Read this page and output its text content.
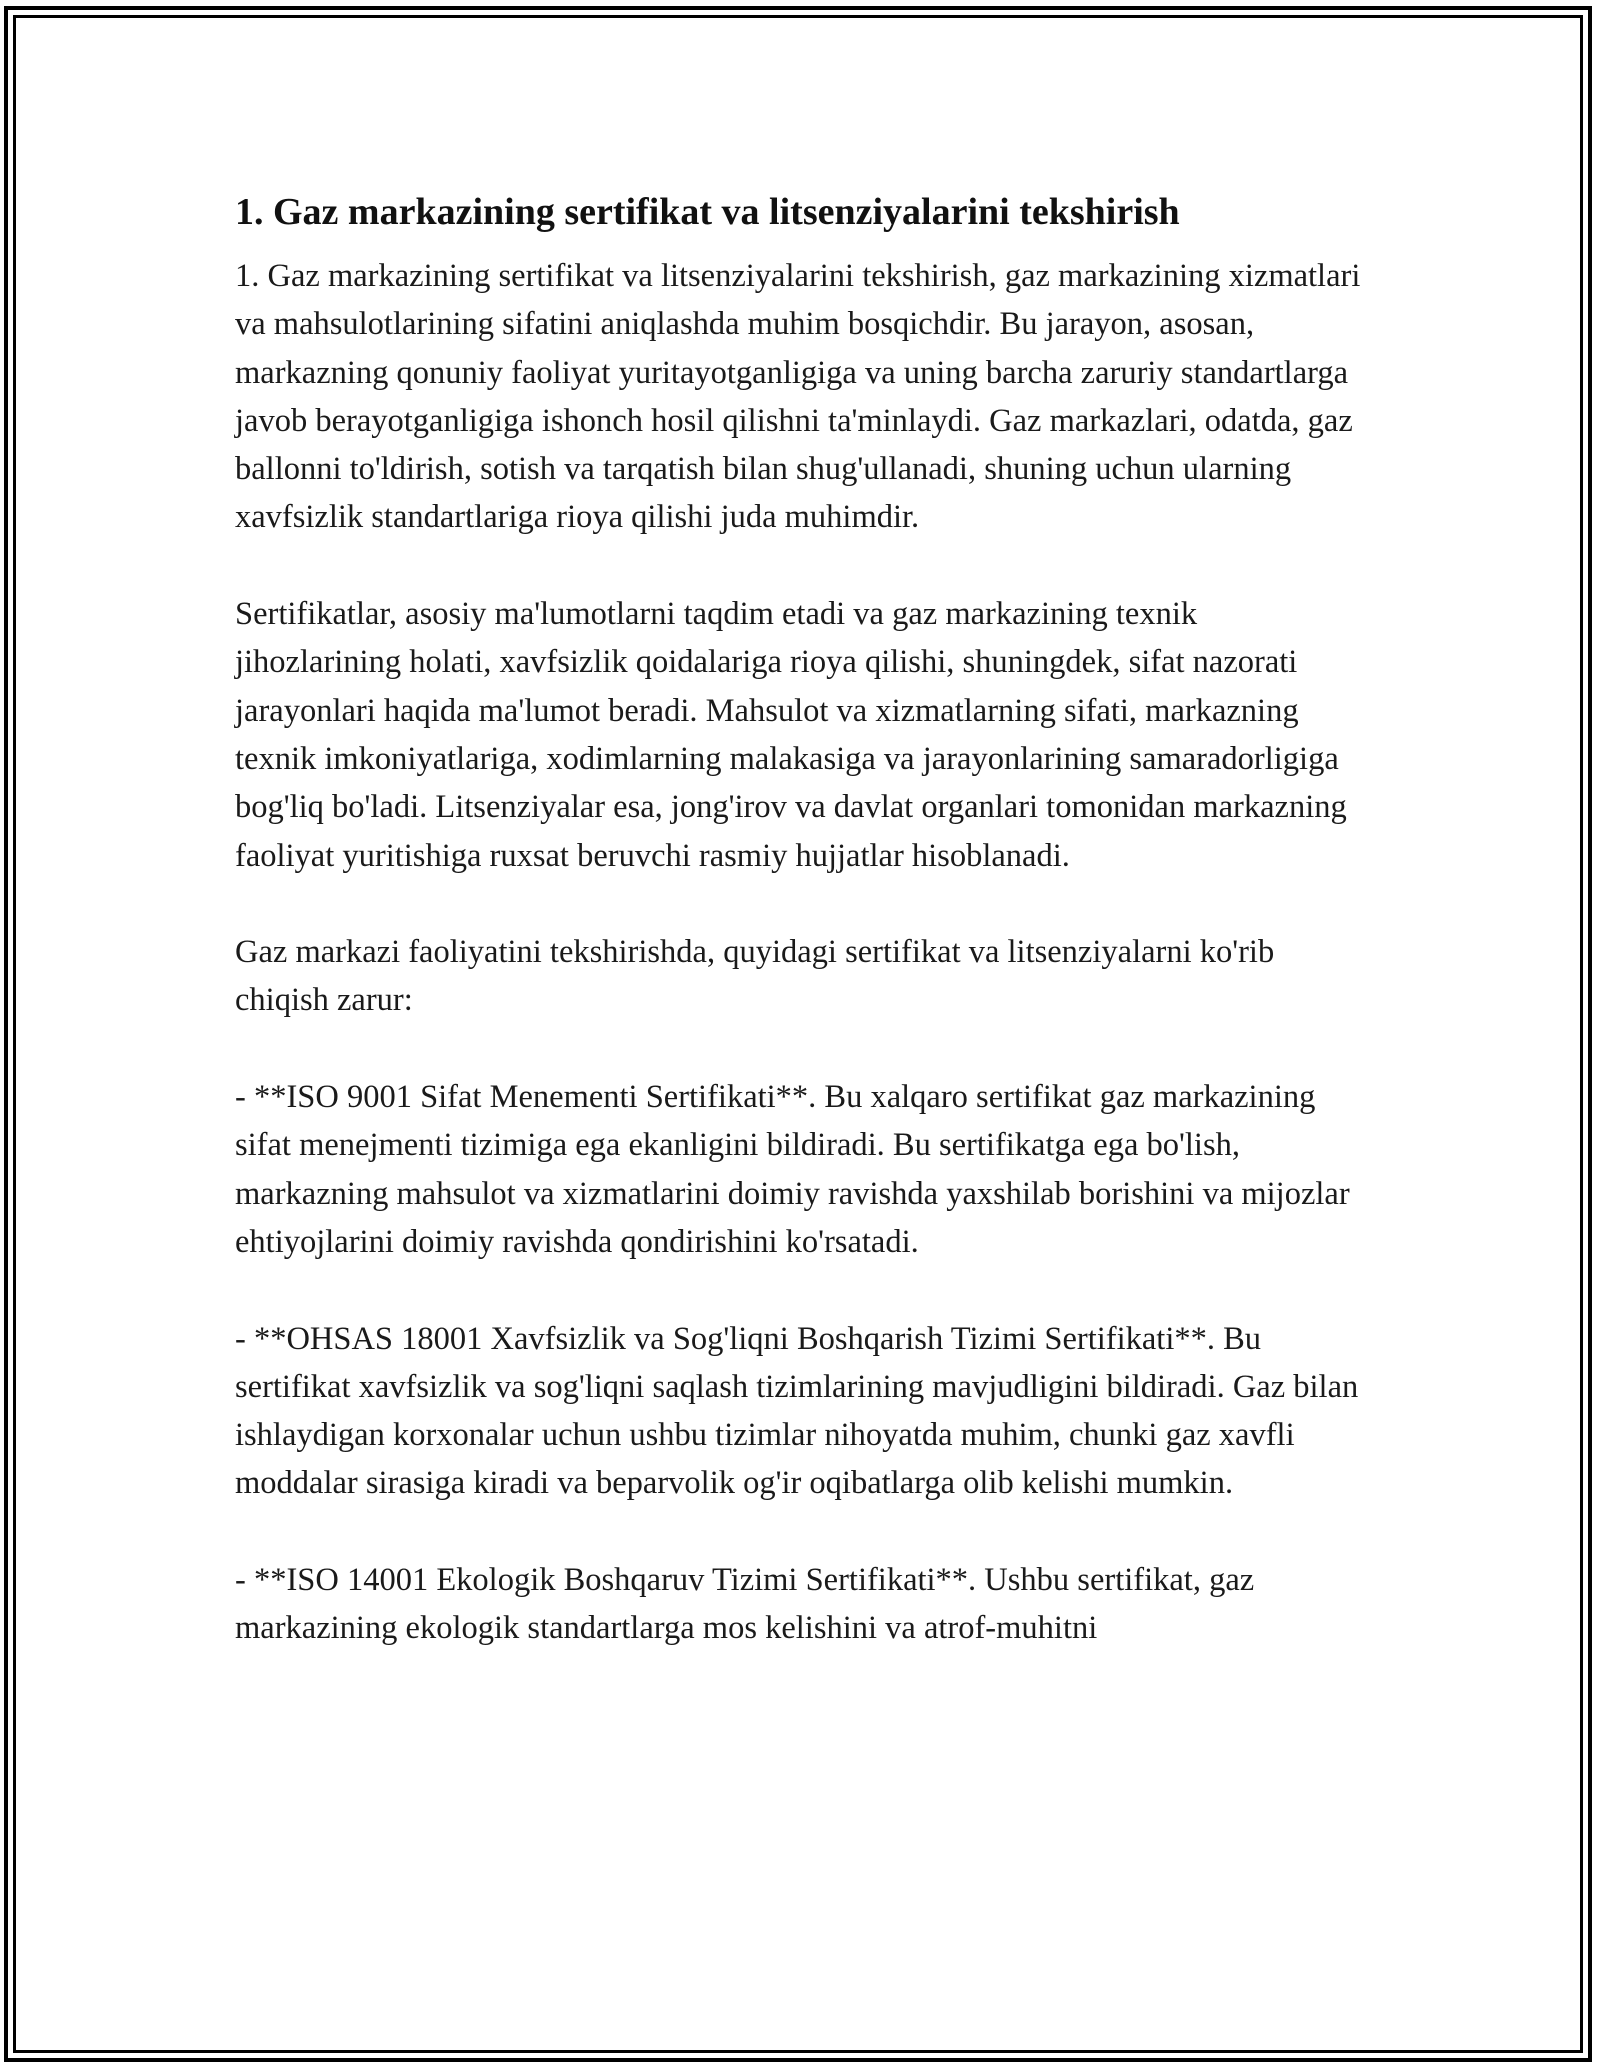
1. Gaz markazining sertifikat va litsenziyalarini tekshirish

1. Gaz markazining sertifikat va litsenziyalarini tekshirish, gaz markazining xizmatlari va mahsulotlarining sifatini aniqlashda muhim bosqichdir. Bu jarayon, asosan, markazning qonuniy faoliyat yuritayotganligiga va uning barcha zaruriy standartlarga javob berayotganligiga ishonch hosil qilishni ta'minlaydi. Gaz markazlari, odatda, gaz ballonni to'ldirish, sotish va tarqatish bilan shug'ullanadi, shuning uchun ularning xavfsizlik standartlariga rioya qilishi juda muhimdir.

Sertifikatlar, asosiy ma'lumotlarni taqdim etadi va gaz markazining texnik jihozlarining holati, xavfsizlik qoidalariga rioya qilishi, shuningdek, sifat nazorati jarayonlari haqida ma'lumot beradi. Mahsulot va xizmatlarning sifati, markazning texnik imkoniyatlariga, xodimlarning malakasiga va jarayonlarining samaradorligiga bog'liq bo'ladi. Litsenziyalar esa, jong'irov va davlat organlari tomonidan markazning faoliyat yuritishiga ruxsat beruvchi rasmiy hujjatlar hisoblanadi.

Gaz markazi faoliyatini tekshirishda, quyidagi sertifikat va litsenziyalarni ko'rib chiqish zarur:

- **ISO 9001 Sifat Menementi Sertifikati**. Bu xalqaro sertifikat gaz markazining sifat menejmenti tizimiga ega ekanligini bildiradi. Bu sertifikatga ega bo'lish, markazning mahsulot va xizmatlarini doimiy ravishda yaxshilab borishini va mijozlar ehtiyojlarini doimiy ravishda qondirishini ko'rsatadi.

- **OHSAS 18001 Xavfsizlik va Sog'liqni Boshqarish Tizimi Sertifikati**. Bu sertifikat xavfsizlik va sog'liqni saqlash tizimlarining mavjudligini bildiradi. Gaz bilan ishlaydigan korxonalar uchun ushbu tizimlar nihoyatda muhim, chunki gaz xavfli moddalar sirasiga kiradi va beparvolik og'ir oqibatlarga olib kelishi mumkin.

- **ISO 14001 Ekologik Boshqaruv Tizimi Sertifikati**. Ushbu sertifikat, gaz markazining ekologik standartlarga mos kelishini va atrof-muhitni
